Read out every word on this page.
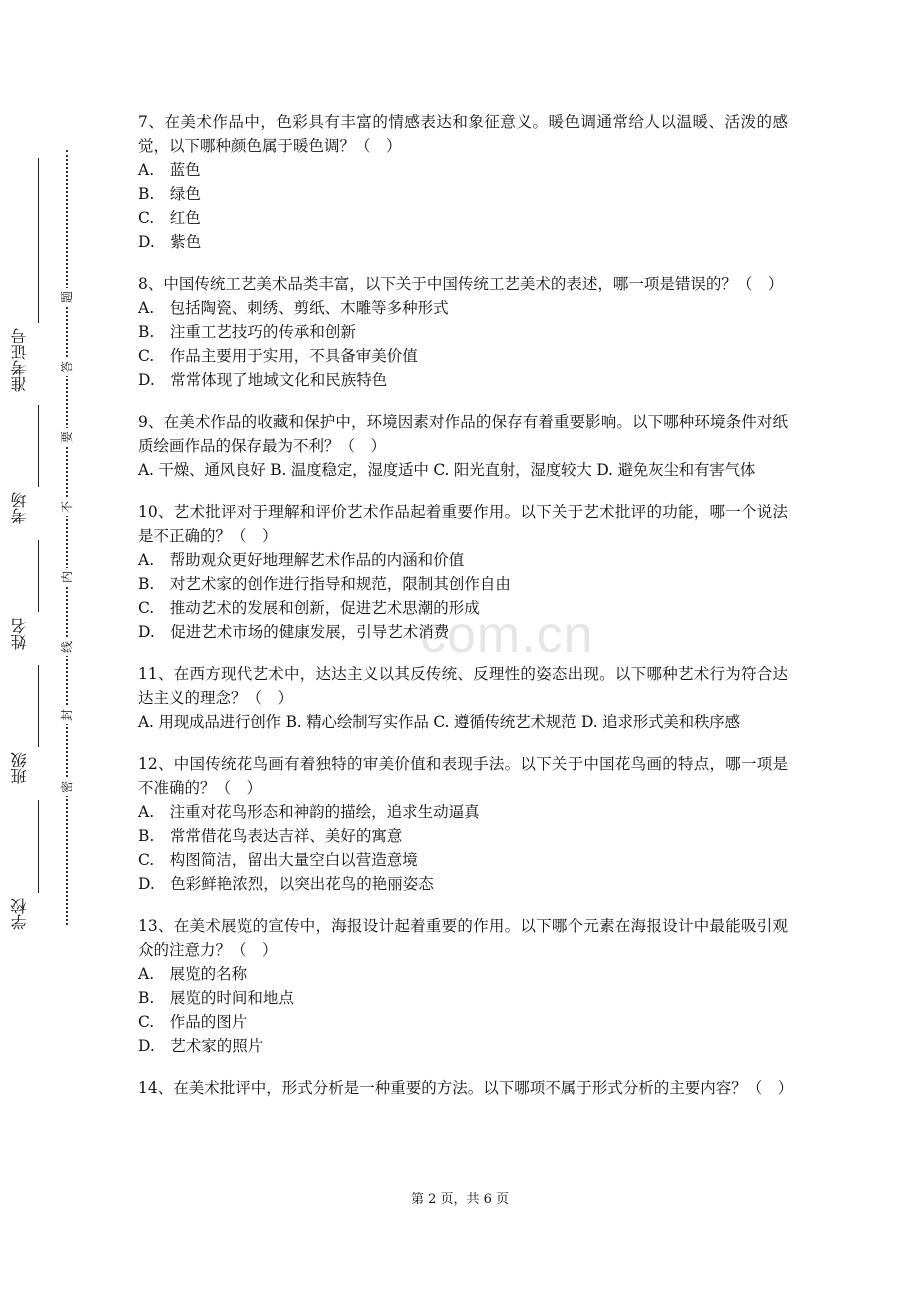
学校
班级
姓名
考场
准考证号
题
答
要
不
内
线
封
密
com.cn
7、在美术作品中，色彩具有丰富的情感表达和象征意义。暖色调通常给人以温暖、活泼的感觉，以下哪种颜色属于暖色调？（　）
A.　蓝色
B.　绿色
C.　红色
D.　紫色
8、中国传统工艺美术品类丰富，以下关于中国传统工艺美术的表述，哪一项是错误的？（　）
A.　包括陶瓷、刺绣、剪纸、木雕等多种形式
B.　注重工艺技巧的传承和创新
C.　作品主要用于实用，不具备审美价值
D.　常常体现了地域文化和民族特色
9、在美术作品的收藏和保护中，环境因素对作品的保存有着重要影响。以下哪种环境条件对纸质绘画作品的保存最为不利？（　）
A. 干燥、通风良好 B. 温度稳定，湿度适中 C. 阳光直射，湿度较大 D. 避免灰尘和有害气体
10、艺术批评对于理解和评价艺术作品起着重要作用。以下关于艺术批评的功能，哪一个说法是不正确的？（　）
A.　帮助观众更好地理解艺术作品的内涵和价值
B.　对艺术家的创作进行指导和规范，限制其创作自由
C.　推动艺术的发展和创新，促进艺术思潮的形成
D.　促进艺术市场的健康发展，引导艺术消费
11、在西方现代艺术中，达达主义以其反传统、反理性的姿态出现。以下哪种艺术行为符合达达主义的理念？（　）
A. 用现成品进行创作 B. 精心绘制写实作品 C. 遵循传统艺术规范 D. 追求形式美和秩序感
12、中国传统花鸟画有着独特的审美价值和表现手法。以下关于中国花鸟画的特点，哪一项是不准确的？（　）
A.　注重对花鸟形态和神韵的描绘，追求生动逼真
B.　常常借花鸟表达吉祥、美好的寓意
C.　构图简洁，留出大量空白以营造意境
D.　色彩鲜艳浓烈，以突出花鸟的艳丽姿态
13、在美术展览的宣传中，海报设计起着重要的作用。以下哪个元素在海报设计中最能吸引观众的注意力？（　）
A.　展览的名称
B.　展览的时间和地点
C.　作品的图片
D.　艺术家的照片
14、在美术批评中，形式分析是一种重要的方法。以下哪项不属于形式分析的主要内容？（　）
第 2 页，共 6 页
